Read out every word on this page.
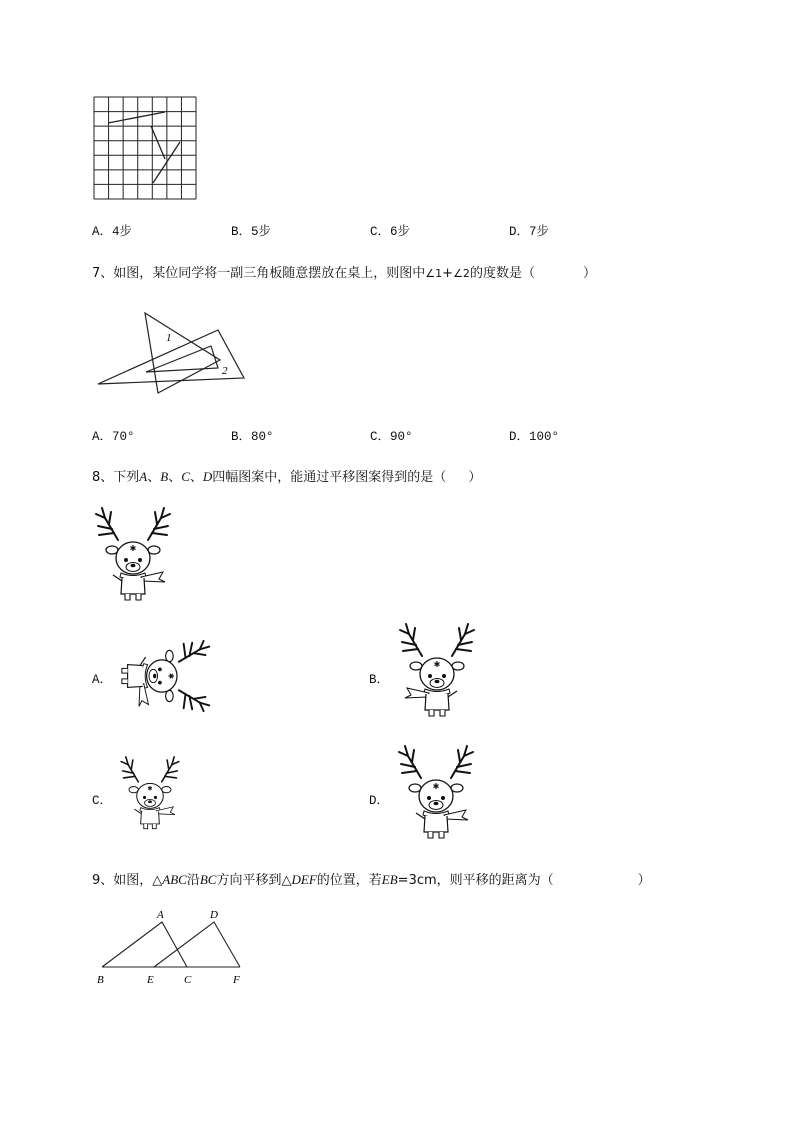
A．4步	B．5步	C．6步	D．7步
7、如图，某位同学将一副三角板随意摆放在桌上，则图中∠1+∠2的度数是（	）
1
2
A．70°	B．80°	C．90°	D．100°
8、下列A、B、C、D四幅图案中，能通过平移图案得到的是（ ）
A．	B．
C．	D．
9、如图，△ABC沿BC方向平移到△DEF的位置，若EB=3cm，则平移的距离为（	）
A	D
B	E	C	F
